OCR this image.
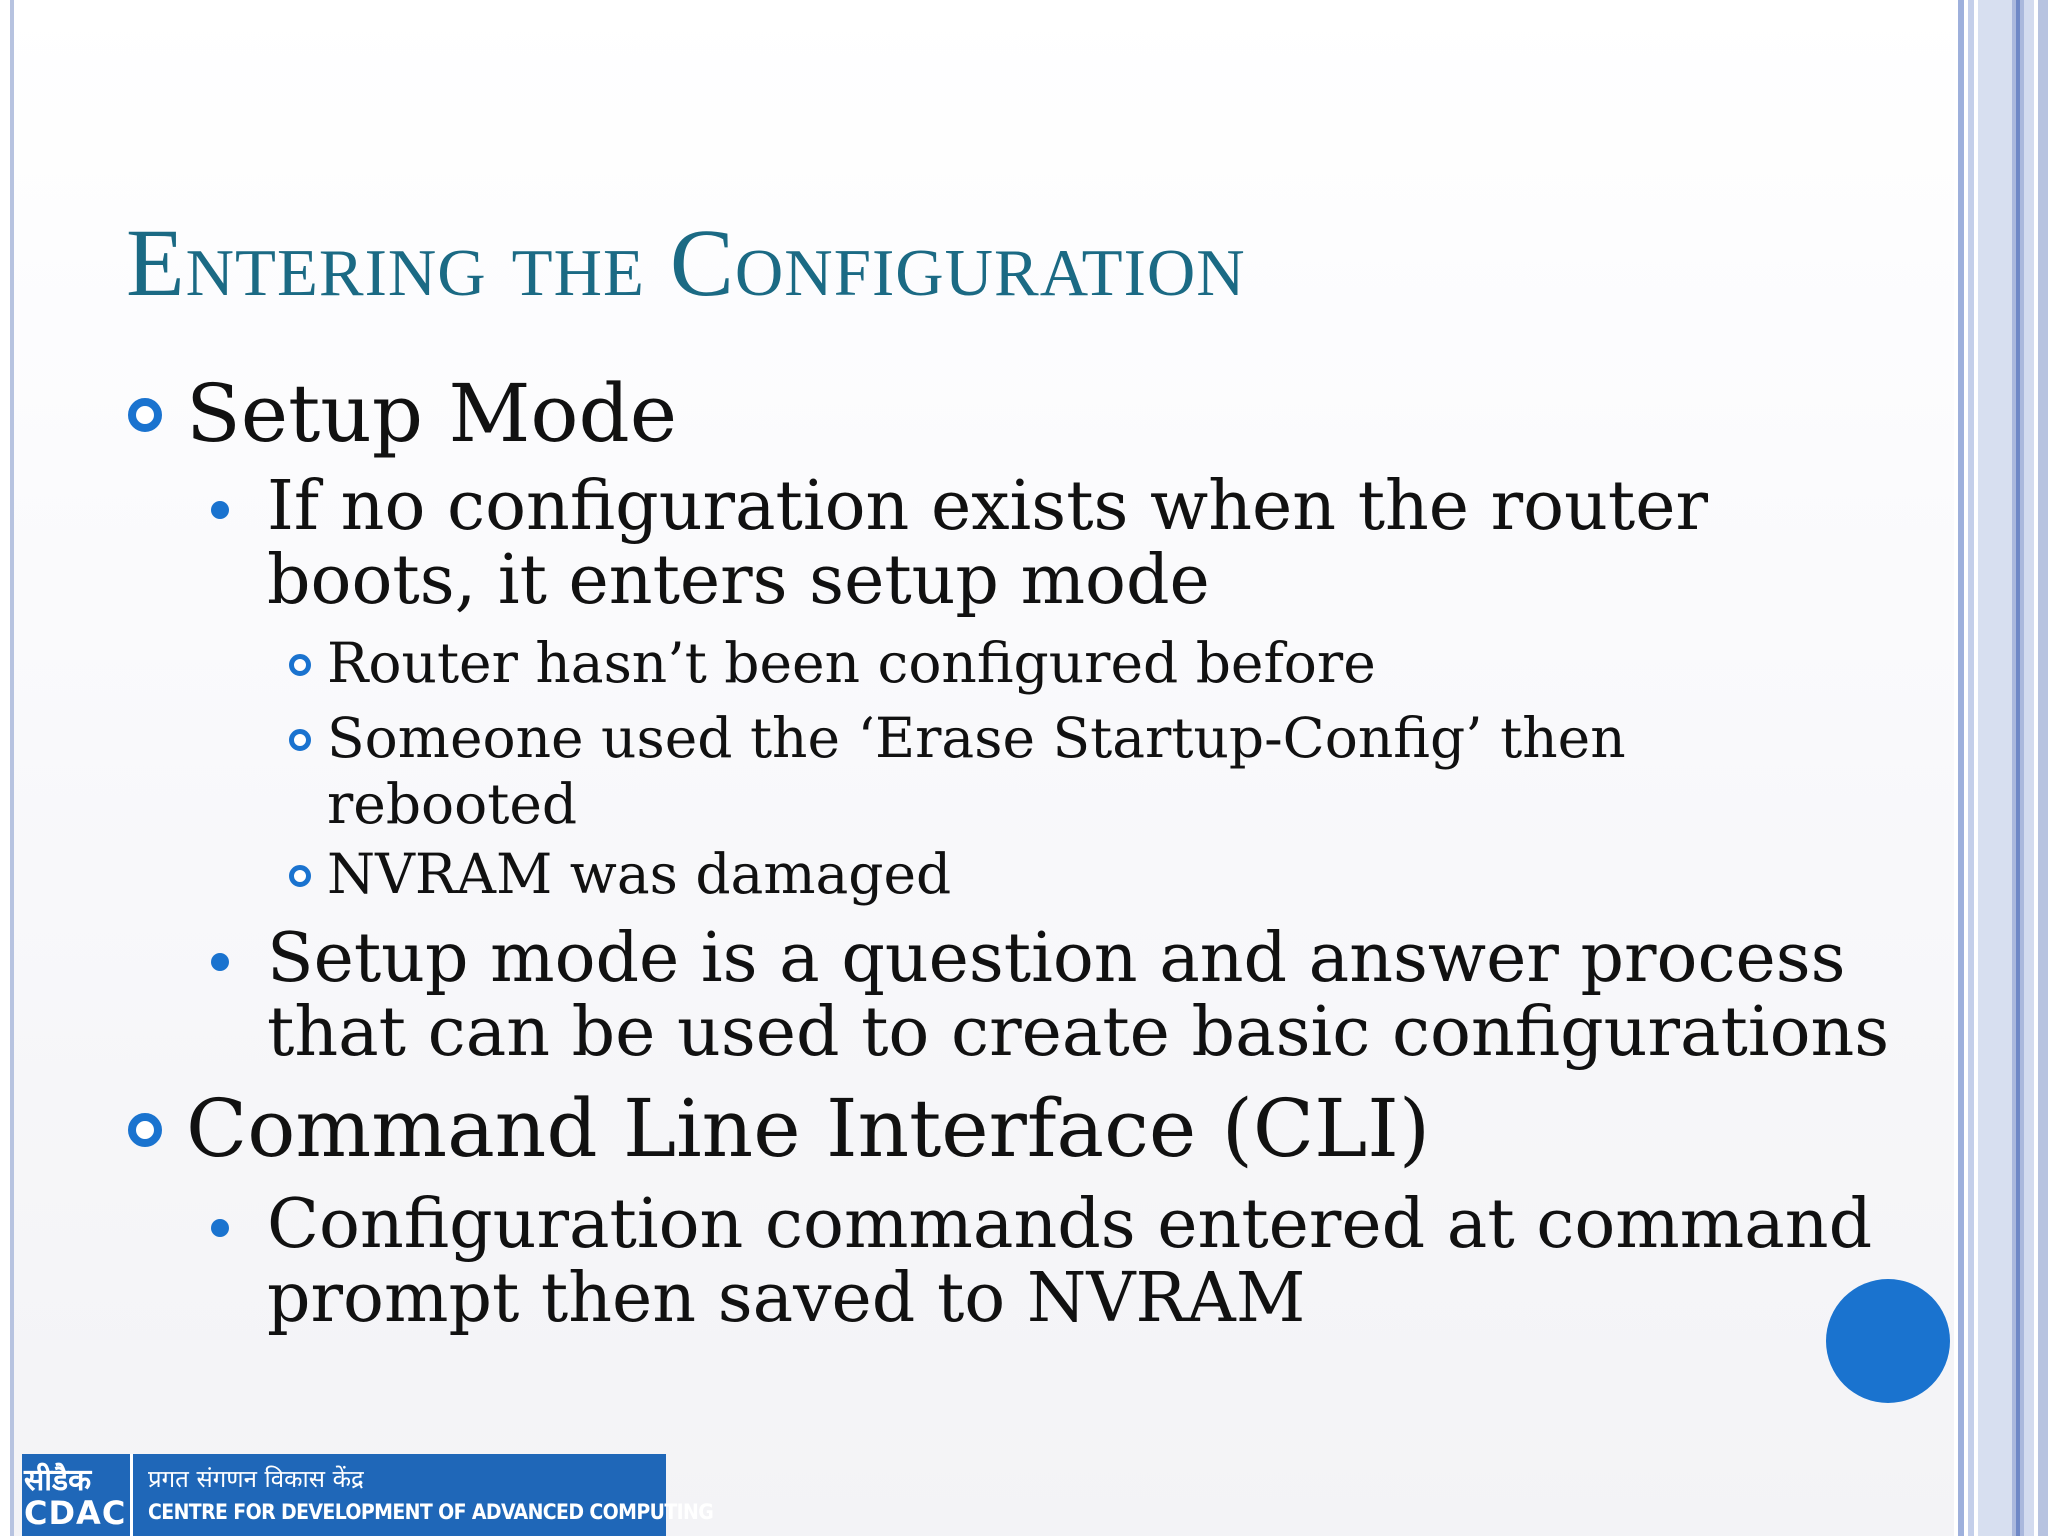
Entering the Configuration
Setup Mode
If no configuration exists when the router
boots, it enters setup mode
Router hasn’t been configured before
Someone used the ‘Erase Startup-Config’ then
rebooted
NVRAM was damaged
Setup mode is a question and answer process
that can be used to create basic configurations
Command Line Interface (CLI)
Configuration commands entered at command
prompt then saved to NVRAM
सीडैक
CDAC
प्रगत संगणन विकास केंद्र
CENTRE FOR DEVELOPMENT OF ADVANCED COMPUTING
